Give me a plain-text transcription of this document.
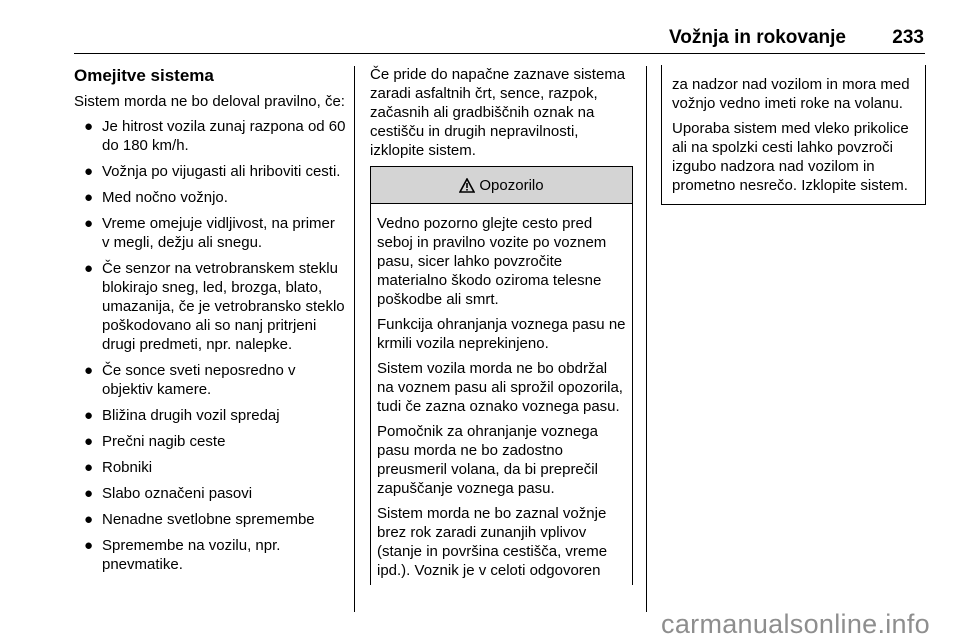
Vožnja in rokovanje 233
Omejitve sistema

Sistem morda ne bo deloval pravilno, če:

● Je hitrost vozila zunaj razpona od 60 do 180 km/h.
● Vožnja po vijugasti ali hriboviti cesti.
● Med nočno vožnjo.
● Vreme omejuje vidljivost, na primer v megli, dežju ali snegu.
● Če senzor na vetrobranskem steklu blokirajo sneg, led, brozga, blato, umazanija, če je vetrobransko steklo poškodovano ali so nanj pritrjeni drugi predmeti, npr. nalepke.
● Če sonce sveti neposredno v objektiv kamere.
● Bližina drugih vozil spredaj
● Prečni nagib ceste
● Robniki
● Slabo označeni pasovi
● Nenadne svetlobne spremembe
● Spremembe na vozilu, npr. pnevmatike.

Če pride do napačne zaznave sistema zaradi asfaltnih črt, sence, razpok, začasnih ali gradbiščnih oznak na cestišču in drugih nepravilnosti, izklopite sistem.

Opozorilo

Vedno pozorno glejte cesto pred seboj in pravilno vozite po voznem pasu, sicer lahko povzročite materialno škodo oziroma telesne poškodbe ali smrt.

Funkcija ohranjanja voznega pasu ne krmili vozila neprekinjeno.

Sistem vozila morda ne bo obdržal na voznem pasu ali sprožil opozorila, tudi če zazna oznako voznega pasu.

Pomočnik za ohranjanje voznega pasu morda ne bo zadostno preusmeril volana, da bi preprečil zapuščanje voznega pasu.

Sistem morda ne bo zaznal vožnje brez rok zaradi zunanjih vplivov (stanje in površina cestišča, vreme ipd.). Voznik je v celoti odgovoren

za nadzor nad vozilom in mora med vožnjo vedno imeti roke na volanu.

Uporaba sistem med vleko prikolice ali na spolzki cesti lahko povzroči izgubo nadzora nad vozilom in prometno nesrečo. Izklopite sistem.

carmanualsonline.info
